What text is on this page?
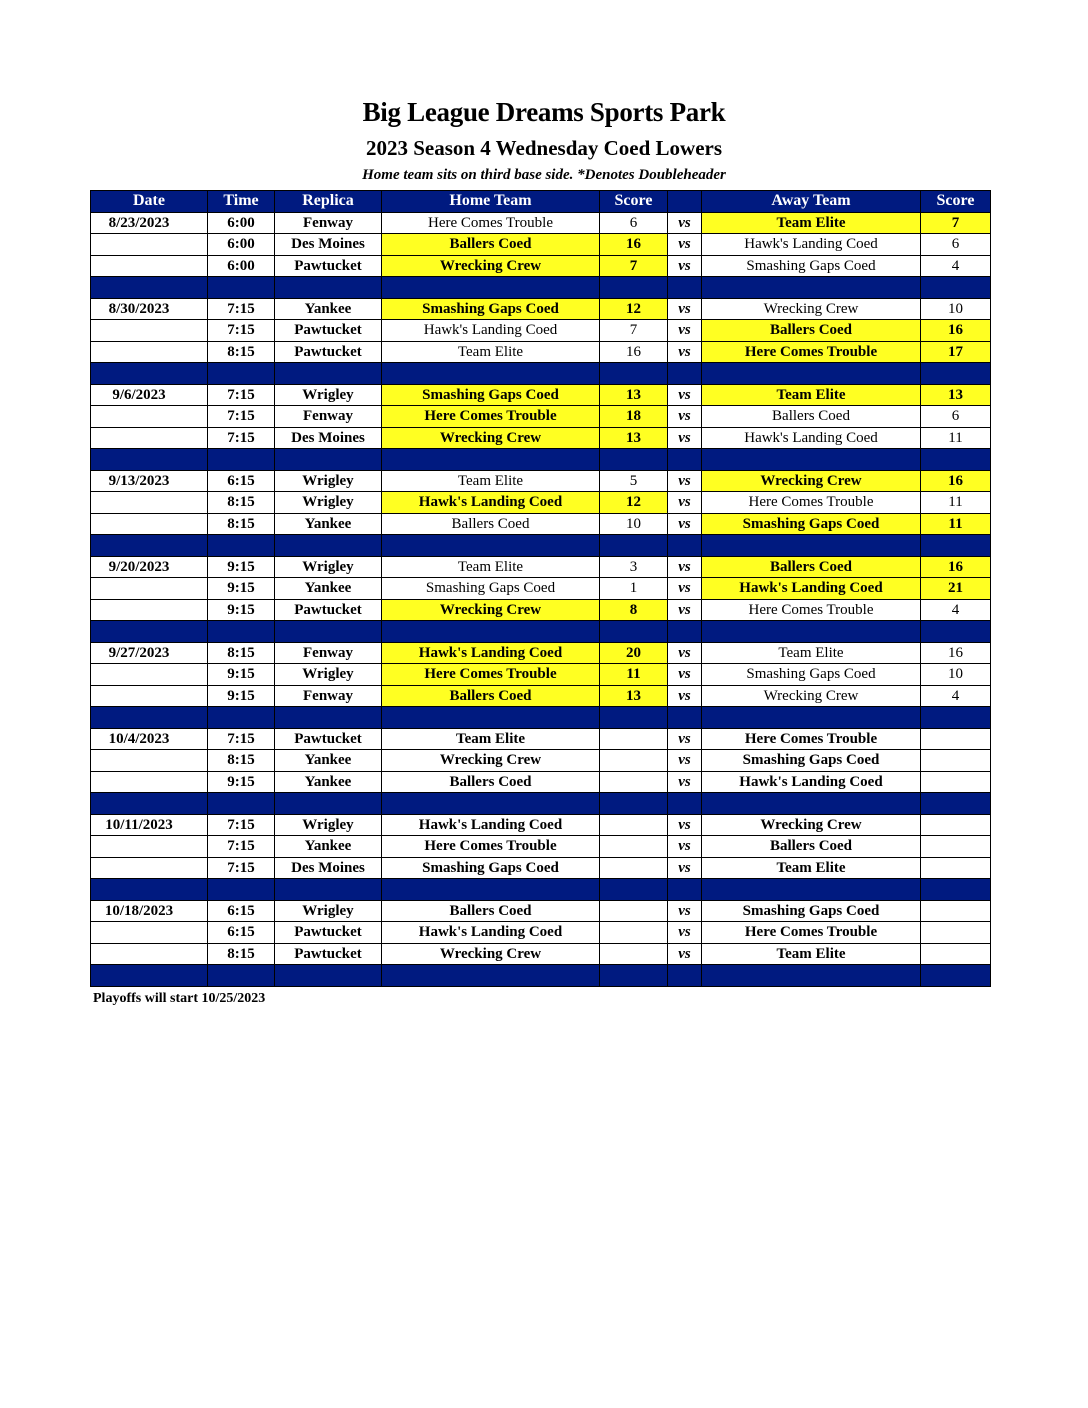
Big League Dreams Sports Park
2023 Season 4 Wednesday Coed Lowers
Home team sits on third base side. *Denotes Doubleheader
Date	Time	Replica	Home Team	Score		Away Team	Score
8/23/2023	6:00	Fenway	Here Comes Trouble	6	vs	Team Elite	7
	6:00	Des Moines	Ballers Coed	16	vs	Hawk's Landing Coed	6
	6:00	Pawtucket	Wrecking Crew	7	vs	Smashing Gaps Coed	4

8/30/2023	7:15	Yankee	Smashing Gaps Coed	12	vs	Wrecking Crew	10
	7:15	Pawtucket	Hawk's Landing Coed	7	vs	Ballers Coed	16
	8:15	Pawtucket	Team Elite	16	vs	Here Comes Trouble	17

9/6/2023	7:15	Wrigley	Smashing Gaps Coed	13	vs	Team Elite	13
	7:15	Fenway	Here Comes Trouble	18	vs	Ballers Coed	6
	7:15	Des Moines	Wrecking Crew	13	vs	Hawk's Landing Coed	11

9/13/2023	6:15	Wrigley	Team Elite	5	vs	Wrecking Crew	16
	8:15	Wrigley	Hawk's Landing Coed	12	vs	Here Comes Trouble	11
	8:15	Yankee	Ballers Coed	10	vs	Smashing Gaps Coed	11

9/20/2023	9:15	Wrigley	Team Elite	3	vs	Ballers Coed	16
	9:15	Yankee	Smashing Gaps Coed	1	vs	Hawk's Landing Coed	21
	9:15	Pawtucket	Wrecking Crew	8	vs	Here Comes Trouble	4

9/27/2023	8:15	Fenway	Hawk's Landing Coed	20	vs	Team Elite	16
	9:15	Wrigley	Here Comes Trouble	11	vs	Smashing Gaps Coed	10
	9:15	Fenway	Ballers Coed	13	vs	Wrecking Crew	4

10/4/2023	7:15	Pawtucket	Team Elite		vs	Here Comes Trouble	
	8:15	Yankee	Wrecking Crew		vs	Smashing Gaps Coed	
	9:15	Yankee	Ballers Coed		vs	Hawk's Landing Coed	

10/11/2023	7:15	Wrigley	Hawk's Landing Coed		vs	Wrecking Crew	
	7:15	Yankee	Here Comes Trouble		vs	Ballers Coed	
	7:15	Des Moines	Smashing Gaps Coed		vs	Team Elite	

10/18/2023	6:15	Wrigley	Ballers Coed		vs	Smashing Gaps Coed	
	6:15	Pawtucket	Hawk's Landing Coed		vs	Here Comes Trouble	
	8:15	Pawtucket	Wrecking Crew		vs	Team Elite	

Playoffs will start 10/25/2023
